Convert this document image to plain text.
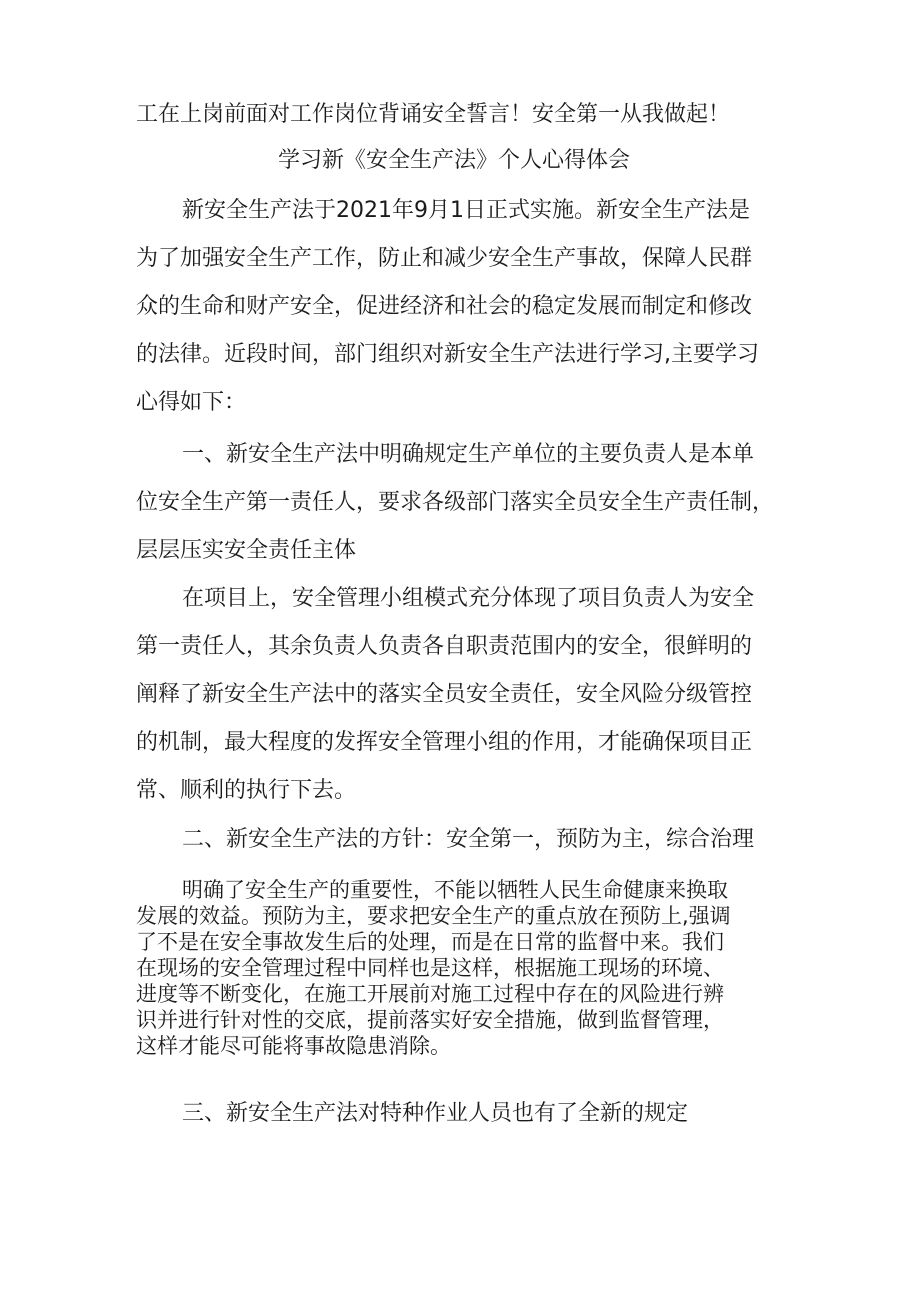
工在上岗前面对工作岗位背诵安全誓言！安全第一从我做起！
学习新《安全生产法》个人心得体会
新安全生产法于2021年9月1日正式实施。新安全生产法是
为了加强安全生产工作，防止和减少安全生产事故，保障人民群
众的生命和财产安全，促进经济和社会的稳定发展而制定和修改
的法律。近段时间，部门组织对新安全生产法进行学习,主要学习
心得如下：
一、新安全生产法中明确规定生产单位的主要负责人是本单
位安全生产第一责任人，要求各级部门落实全员安全生产责任制，
层层压实安全责任主体
在项目上，安全管理小组模式充分体现了项目负责人为安全
第一责任人，其余负责人负责各自职责范围内的安全，很鲜明的
阐释了新安全生产法中的落实全员安全责任，安全风险分级管控
的机制，最大程度的发挥安全管理小组的作用，才能确保项目正
常、顺利的执行下去。
二、新安全生产法的方针：安全第一，预防为主，综合治理
明确了安全生产的重要性，不能以牺牲人民生命健康来换取
发展的效益。预防为主，要求把安全生产的重点放在预防上,强调
了不是在安全事故发生后的处理，而是在日常的监督中来。我们
在现场的安全管理过程中同样也是这样，根据施工现场的环境、
进度等不断变化，在施工开展前对施工过程中存在的风险进行辨
识并进行针对性的交底，提前落实好安全措施，做到监督管理，
这样才能尽可能将事故隐患消除。
三、新安全生产法对特种作业人员也有了全新的规定
